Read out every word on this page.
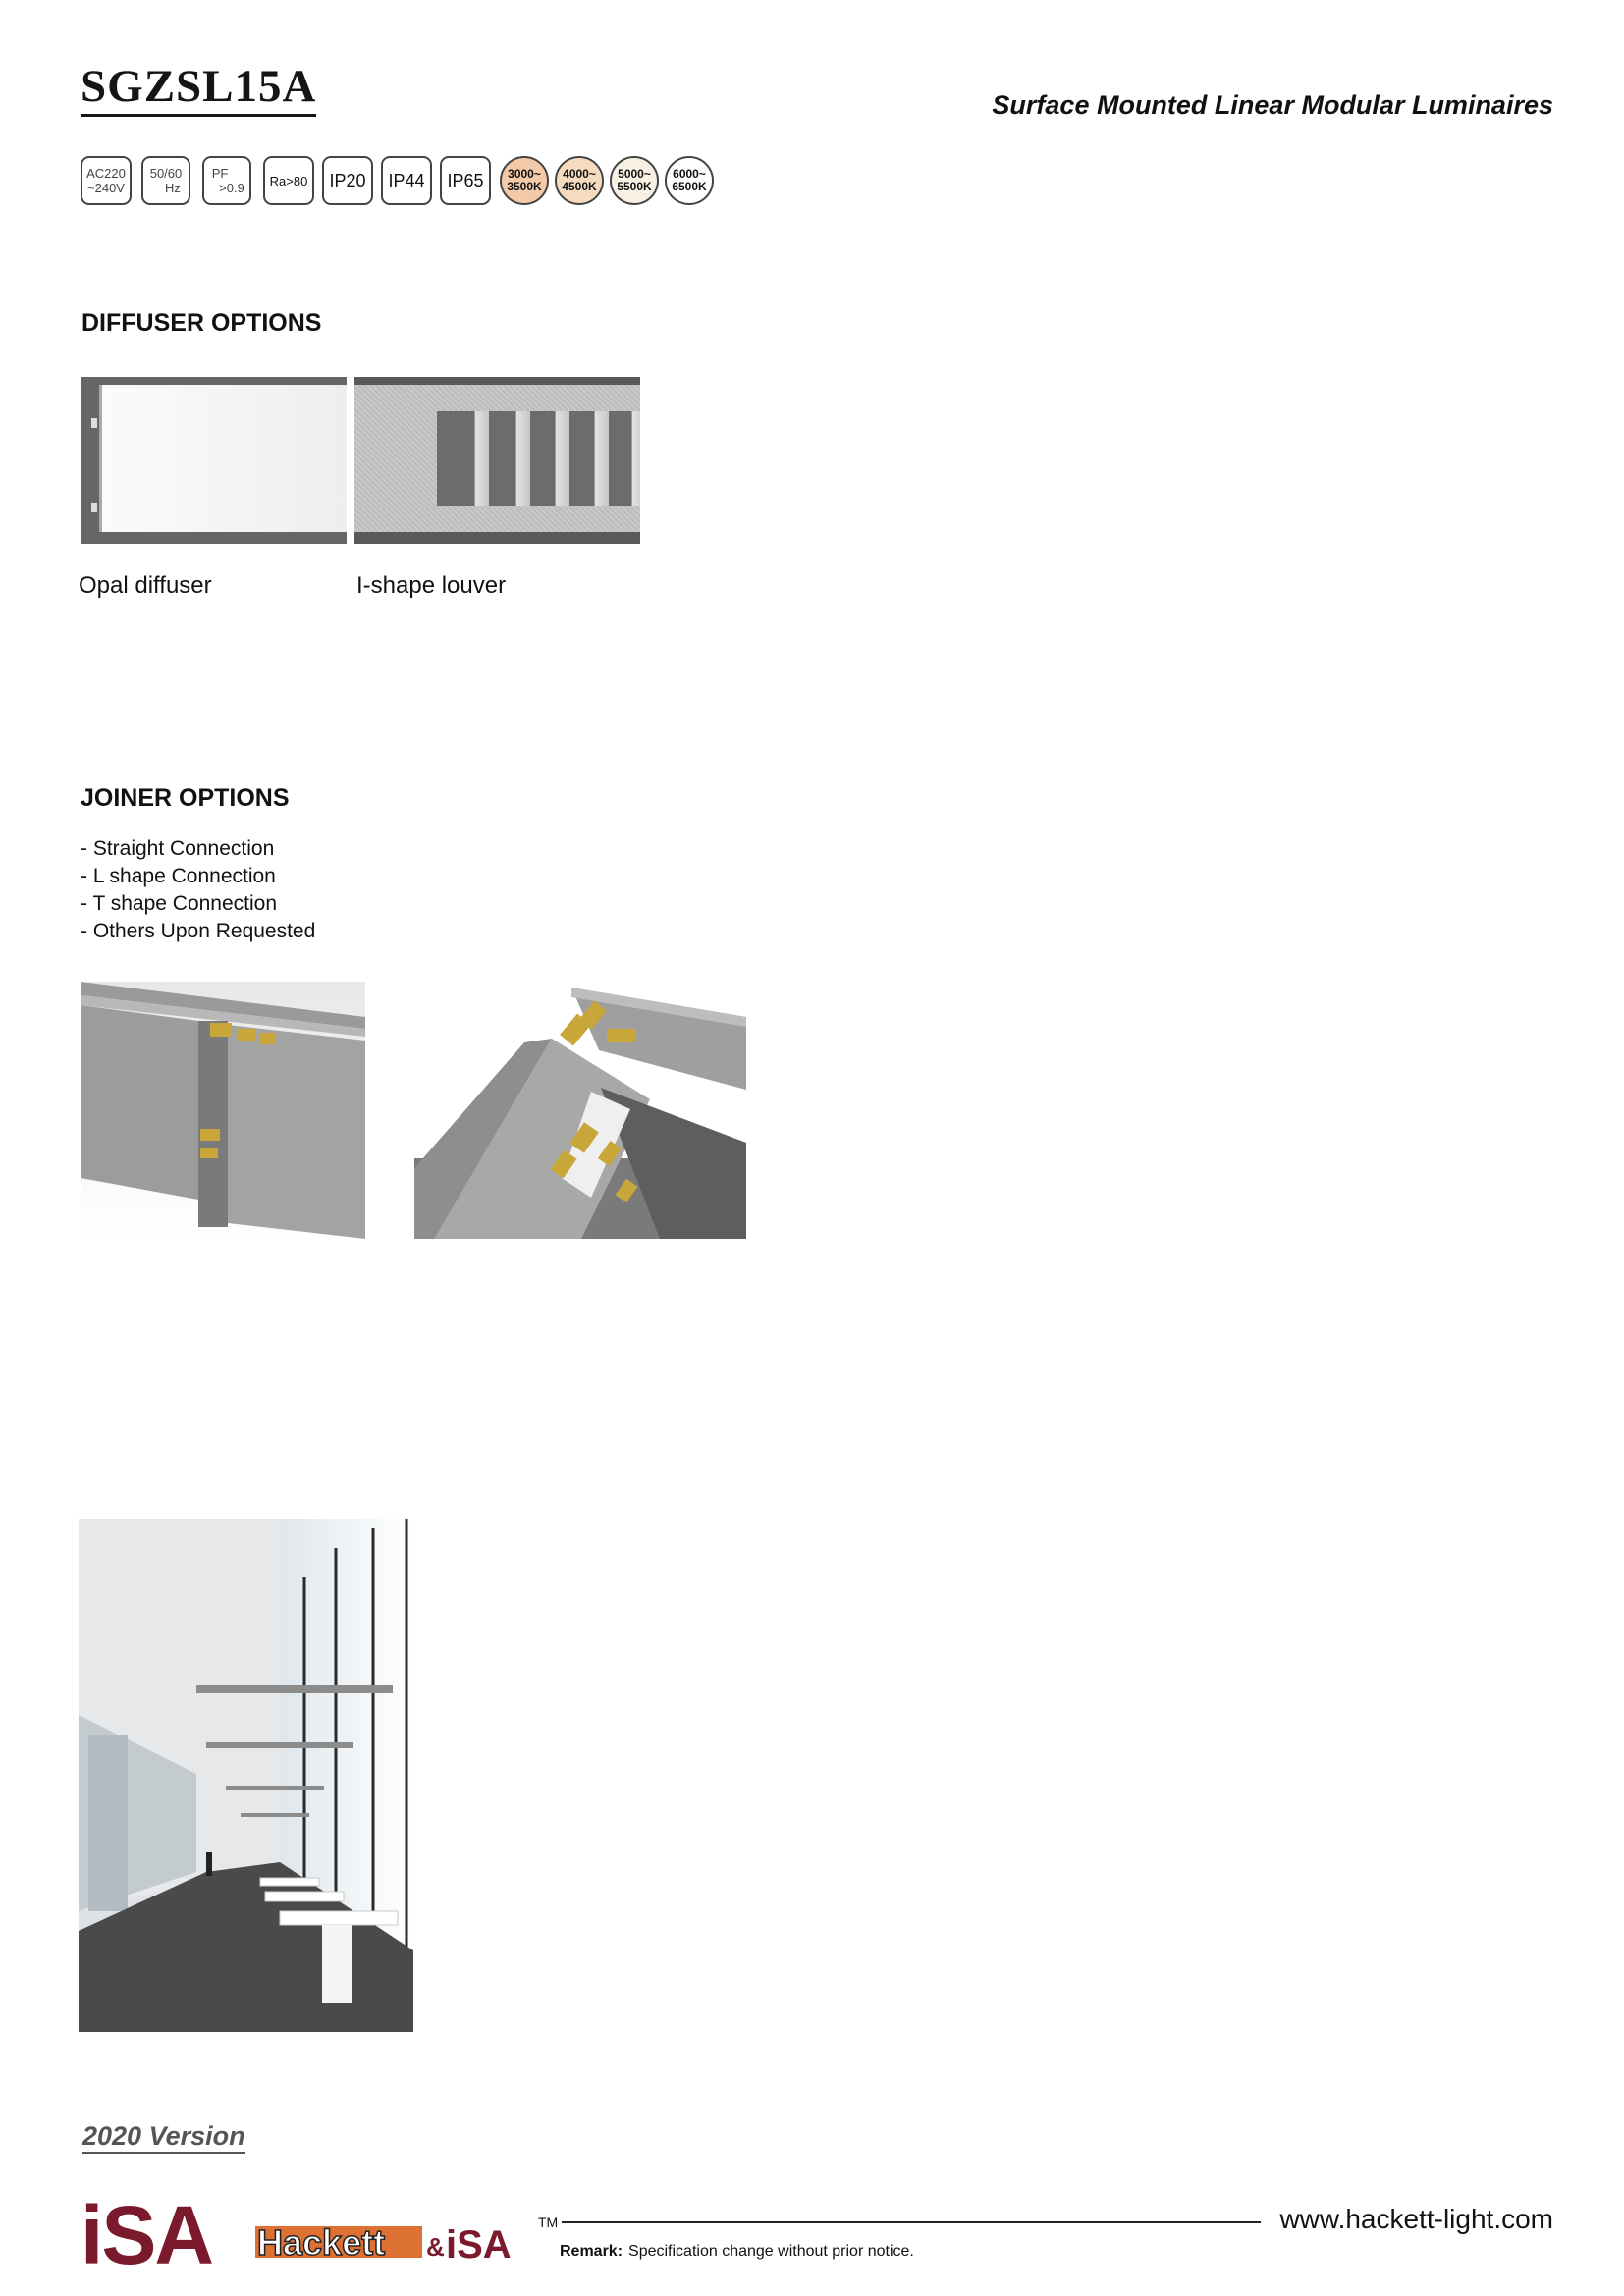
SGZSL15A	Surface Mounted Linear Modular Luminaires
AC220
~240V
50/60
Hz
PF
>0.9 Ra>80 IP20 IP44 IP65 3000~
3500K
4000~
4500K
5000~
5500K
6000~
6500K
DIFFUSER OPTIONS
Opal diffuser	I-shape louver
JOINER OPTIONS
- Straight Connection
- L shape Connection
- T shape Connection
- Others Upon Requested
2020 Version
iSA Hackett & iSA
TM	www.hackett-light.com
Remark: Specification change without prior notice.
